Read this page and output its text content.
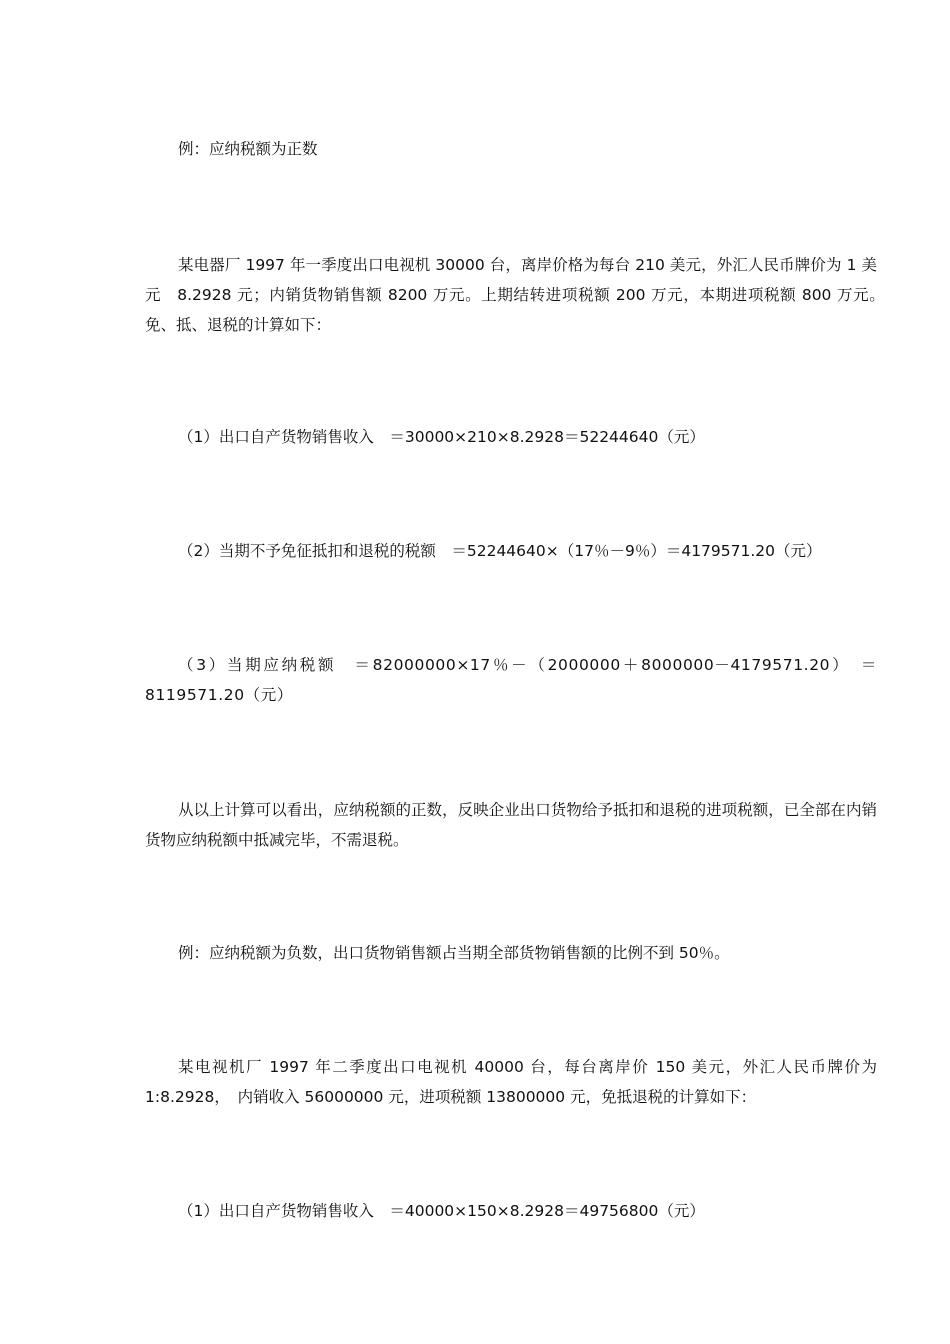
例：应纳税额为正数

某电器厂 1997 年一季度出口电视机 30000 台，离岸价格为每台 210 美元，外汇人民币牌价为 1 美元　8.2928 元；内销货物销售额 8200 万元。上期结转进项税额 200 万元，本期进项税额 800 万元。　免、抵、退税的计算如下：

（1）出口自产货物销售收入　＝30000×210×8.2928＝52244640（元）

（2）当期不予免征抵扣和退税的税额　＝52244640×（17％－9％）＝4179571.20（元）

（3）当期应纳税额　＝82000000×17％－（2000000＋8000000－4179571.20）　＝8119571.20（元）

从以上计算可以看出，应纳税额的正数，反映企业出口货物给予抵扣和退税的进项税额，已全部在内销货物应纳税额中抵减完毕，不需退税。

例：应纳税额为负数，出口货物销售额占当期全部货物销售额的比例不到 50％。

某电视机厂 1997 年二季度出口电视机 40000 台，每台离岸价 150 美元，外汇人民币牌价为 1:8.2928，　内销收入 56000000 元，进项税额 13800000 元，免抵退税的计算如下：

（1）出口自产货物销售收入　＝40000×150×8.2928＝49756800（元）
